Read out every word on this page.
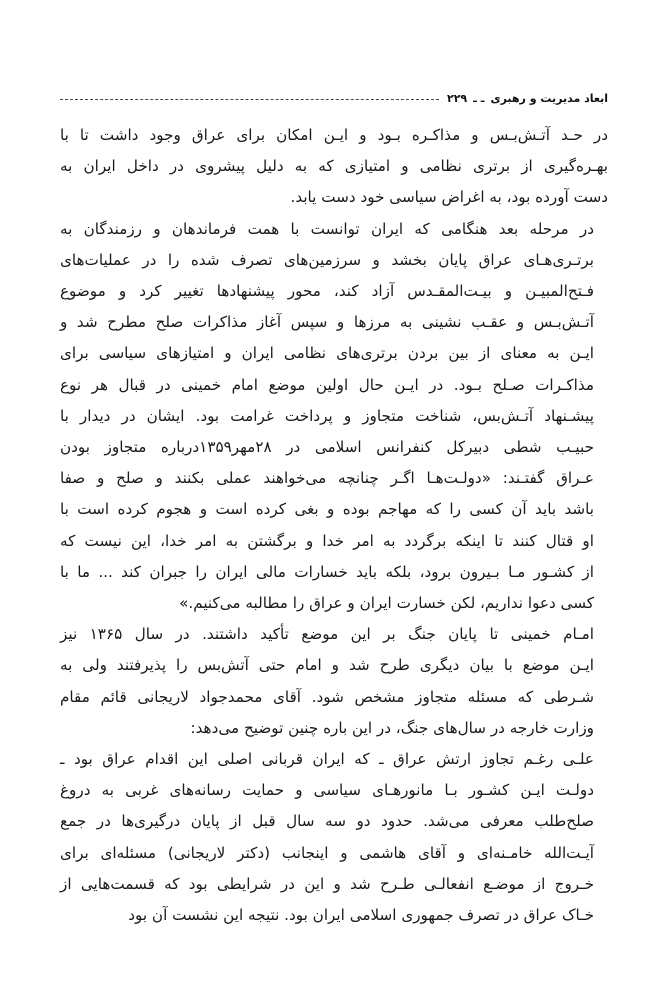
ابعاد مدیریت و رهبری
ـ ـ
۲۲۹

در حـد آتـش‌بـس و مذاکـره بـود و ایـن امکان برای عراق وجود داشت تا با
بهـره‌گیری از برتری نظامی و امتیازی که به دلیل پیشروی در داخل ایران به
دست آورده بود، به اغراض سیاسی خود دست یابد.

در مرحله بعد هنگامی که ایران توانست با همت فرماندهان و رزمندگان به
برتـری‌هـای عراق پایان بخشد و سرزمین‌های تصرف شده را در عملیات‌های
فـتح‌المبیـن و بیـت‌المقـدس آزاد کند، محور پیشنهادها تغییر کرد و موضوع
آتـش‌بـس و عقـب نشینی به مرزها و سپس آغاز مذاکرات صلح مطرح شد و
ایـن به معنای از بین بردن برتری‌های نظامی ایران و امتیازهای سیاسی برای
مذاکـرات صـلح بـود. در ایـن حال اولین موضع امام خمینی در قبال هر نوع
پیشـنهاد آتـش‌بس، شناخت متجاوز و پرداخت غرامت بود. ایشان در دیدار با
حبیـب شطی دبیرکل کنفرانس اسلامی در ۲۸مهر۱۳۵۹درباره متجاوز بودن
عـراق گفتـند: «دولـت‌هـا اگـر چنانچه می‌خواهند عملی بکنند و صلح و صفا
باشد باید آن کسی را که مهاجم بوده و بغی کرده است و هجوم کرده است با
او قتال کنند تا اینکه برگردد به امر خدا و برگشتن به امر خدا، این نیست که
از کشـور مـا بـیرون برود، بلکه باید خسارات مالی ایران را جبران کند ... ما با
کسی دعوا نداریم، لکن خسارت ایران و عراق را مطالبه می‌کنیم.»

امـام خمینی تا پایان جنگ بر این موضع تأکید داشتند. در سال ۱۳۶۵ نیز
ایـن موضع با بیان دیگری طرح شد و امام حتی آتش‌بس را پذیرفتند ولی به
شـرطی که مسئله متجاوز مشخص شود. آقای محمدجواد لاریجانی قائم مقام
وزارت خارجه در سال‌های جنگ، در این باره چنین توضیح می‌دهد:

علـی رغـم تجاوز ارتش عراق ـ که ایران قربانی اصلی این اقدام عراق بود ـ
دولـت ایـن کشـور بـا مانورهـای سیاسی و حمایت رسانه‌های غربی به دروغ
صلح‌طلب معرفی می‌شد. حدود دو سه سال قبل از پایان درگیری‌ها در جمع
آیـت‌الله خامـنه‌ای و آقای هاشمی و اینجانب (دکتر لاریجانی) مسئله‌ای برای
خـروج از موضـع انفعالـی طـرح شد و این در شرایطی بود که قسمت‌هایی از
خـاک عراق در تصرف جمهوری اسلامی ایران بود. نتیجه این نشست آن بود
